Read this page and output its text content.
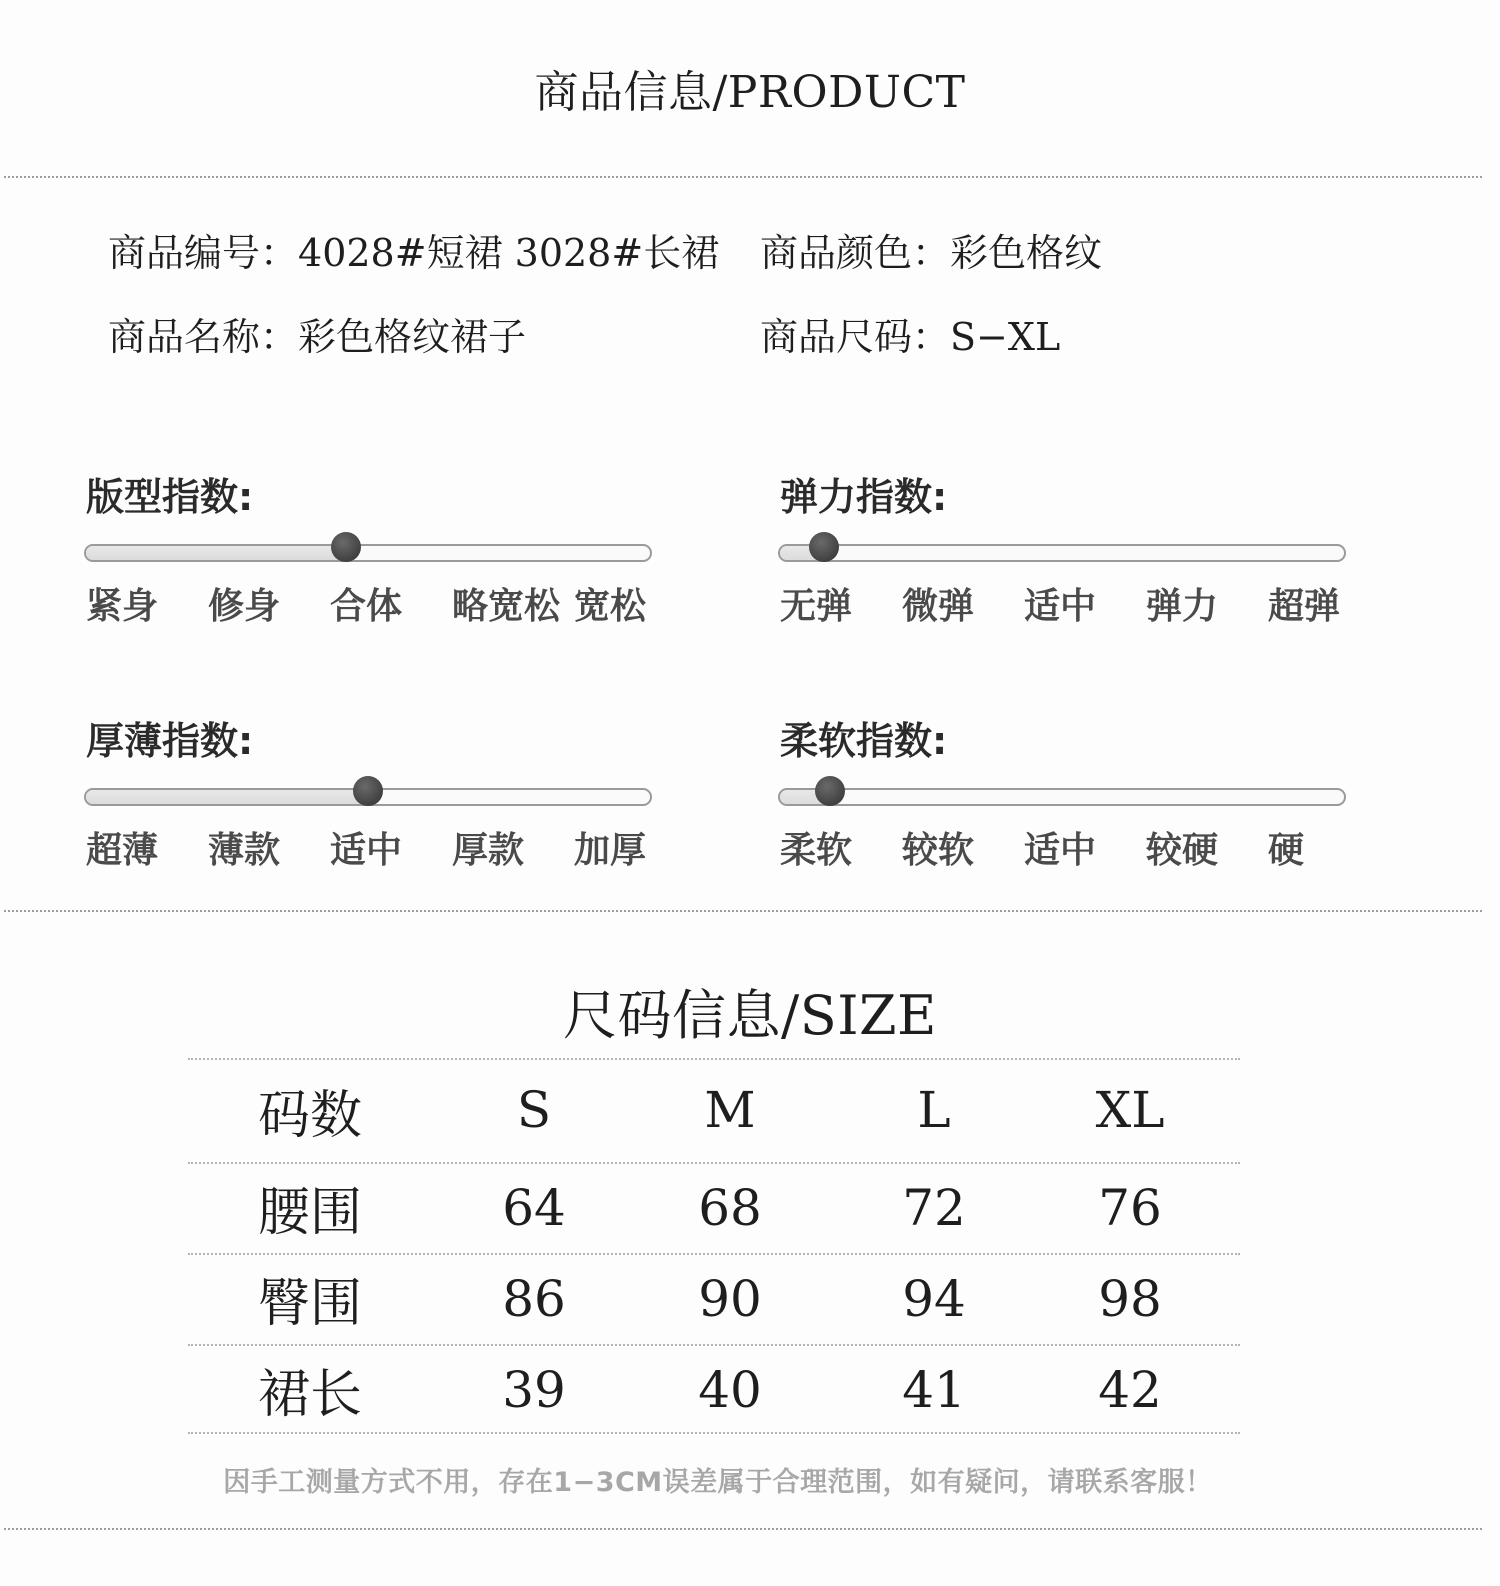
商品信息/PRODUCT
商品编号：4028#短裙 3028#长裙 商品颜色：彩色格纹
商品名称：彩色格纹裙子	商品尺码：S−XL
版型指数:
紧身 修身 合体 略宽松 宽松
弹力指数:
无弹 微弹 适中 弹力 超弹
厚薄指数:
超薄 薄款 适中 厚款 加厚
柔软指数:
柔软 较软 适中 较硬 硬
尺码信息/SIZE
码数	S	M	L	XL
腰围	64	68	72	76
臀围	86	90	94	98
裙长	39	40	41	42
因手工测量方式不用，存在1−3CM误差属于合理范围，如有疑问，请联系客服！
